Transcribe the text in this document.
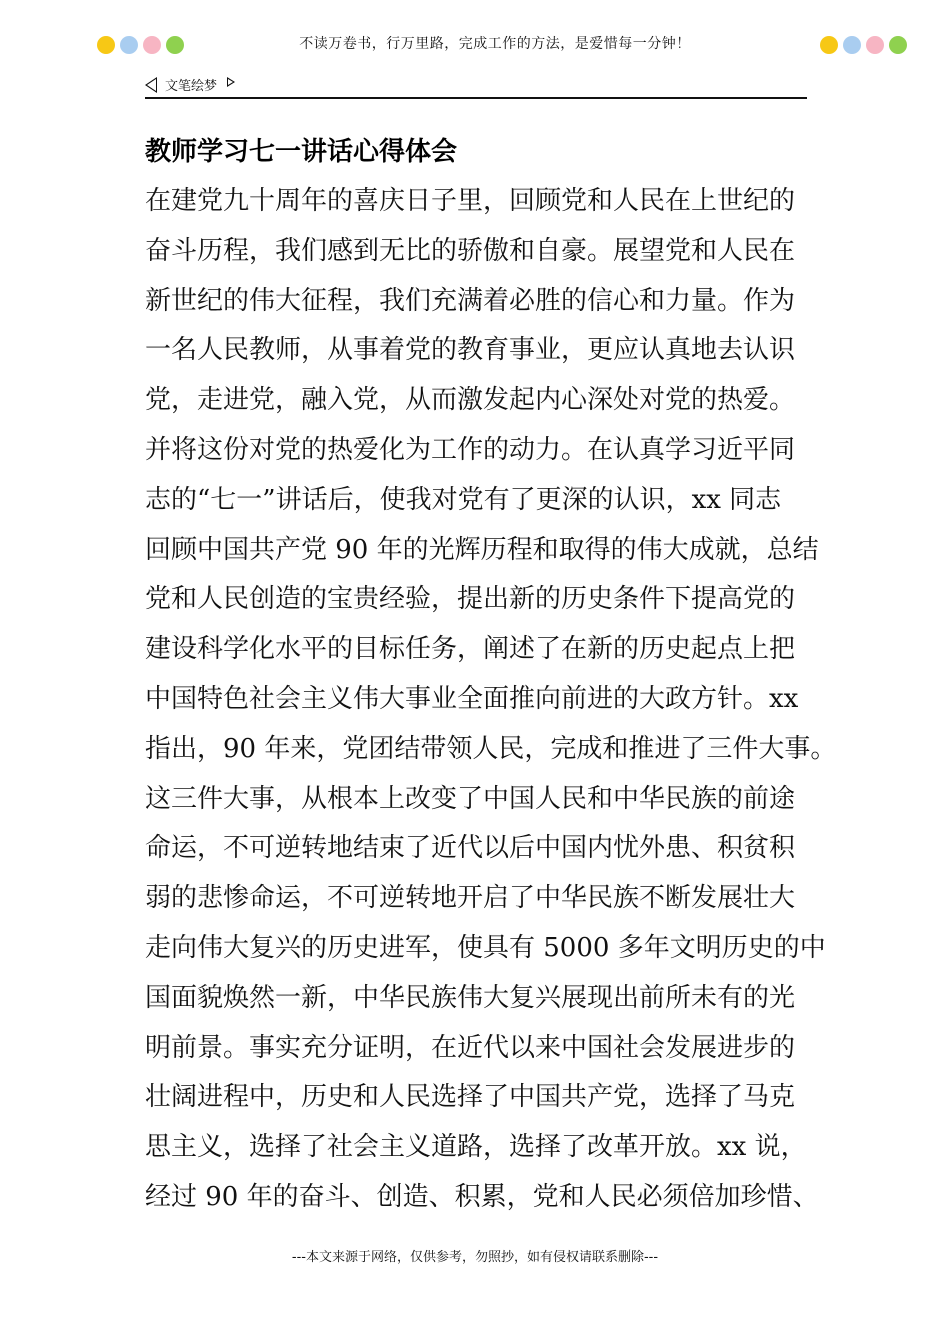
不读万卷书，行万里路，完成工作的方法，是爱惜每一分钟！
文笔绘梦
教师学习七一讲话心得体会
在建党九十周年的喜庆日子里，回顾党和人民在上世纪的
奋斗历程，我们感到无比的骄傲和自豪。展望党和人民在
新世纪的伟大征程，我们充满着必胜的信心和力量。作为
一名人民教师，从事着党的教育事业，更应认真地去认识
党，走进党，融入党，从而激发起内心深处对党的热爱。
并将这份对党的热爱化为工作的动力。在认真学习近平同
志的“七一”讲话后，使我对党有了更深的认识，xx 同志
回顾中国共产党 90 年的光辉历程和取得的伟大成就，总结
党和人民创造的宝贵经验，提出新的历史条件下提高党的
建设科学化水平的目标任务，阐述了在新的历史起点上把
中国特色社会主义伟大事业全面推向前进的大政方针。xx
指出，90 年来，党团结带领人民，完成和推进了三件大事。
这三件大事，从根本上改变了中国人民和中华民族的前途
命运，不可逆转地结束了近代以后中国内忧外患、积贫积
弱的悲惨命运，不可逆转地开启了中华民族不断发展壮大
走向伟大复兴的历史进军，使具有 5000 多年文明历史的中
国面貌焕然一新，中华民族伟大复兴展现出前所未有的光
明前景。事实充分证明，在近代以来中国社会发展进步的
壮阔进程中，历史和人民选择了中国共产党，选择了马克
思主义，选择了社会主义道路，选择了改革开放。xx 说，
经过 90 年的奋斗、创造、积累，党和人民必须倍加珍惜、
---本文来源于网络，仅供参考，勿照抄，如有侵权请联系删除---
